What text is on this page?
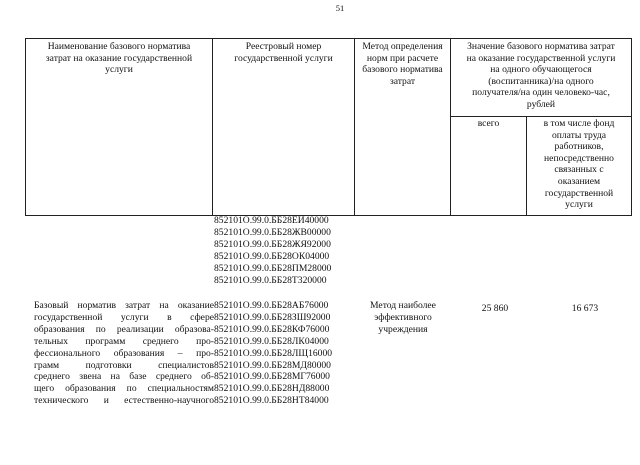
51
Наименование базового норматива
затрат на оказание государственной
услуги
Реестровый номер
государственной услуги
Метод определения
норм при расчете
базового норматива
затрат
Значение базового норматива затрат
на оказание государственной услуги
на одного обучающегося
(воспитанника)/на одного
получателя/на один человеко-час,
рублей
всего	в том числе фонд
оплаты труда
работников,
непосредственно
связанных с
оказанием
государственной
услуги
852101О.99.0.ББ28ЕИ40000
852101О.99.0.ББ28ЖВ00000
852101О.99.0.ББ28ЖЯ92000
852101О.99.0.ББ28ОК04000
852101О.99.0.ББ28ПМ28000
852101О.99.0.ББ28Т320000
Базовый норматив затрат на оказание
государственной услуги в сфере
образования по реализации образова-
тельных программ среднего про-
фессионального образования – про-
грамм подготовки специалистов
среднего звена на базе среднего об-
щего образования по специальностям
технического и естественно-научного
852101О.99.0.ББ28АБ76000
852101О.99.0.ББ28ЗШ92000
852101О.99.0.ББ28КФ76000
852101О.99.0.ББ28ЛК04000
852101О.99.0.ББ28ЛЩ16000
852101О.99.0.ББ28МД80000
852101О.99.0.ББ28МГ76000
852101О.99.0.ББ28НД88000
852101О.99.0.ББ28НТ84000
Метод наиболее
эффективного
учреждения
25 860	16 673
